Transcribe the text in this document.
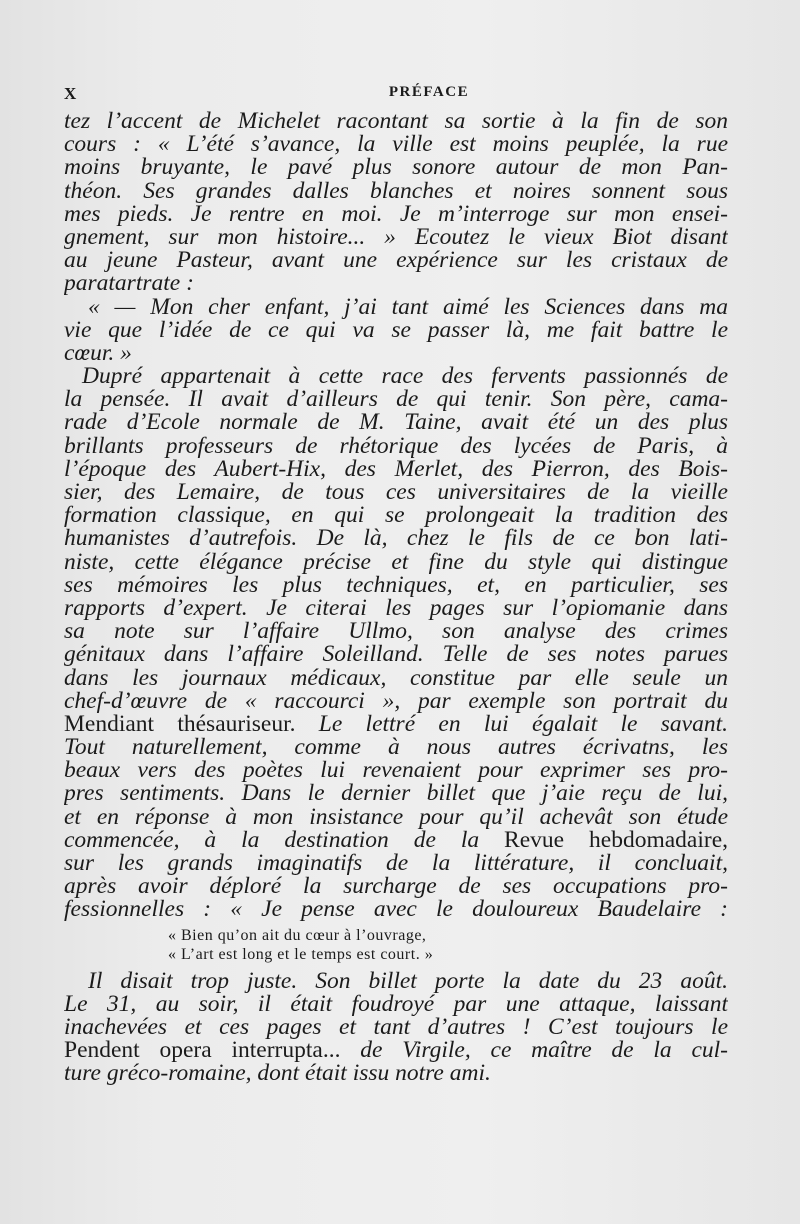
X	PRÉFACE
tez l’accent de Michelet racontant sa sortie à la fin de son
cours : « L’été s’avance, la ville est moins peuplée, la rue
moins bruyante, le pavé plus sonore autour de mon Pan-
théon. Ses grandes dalles blanches et noires sonnent sous
mes pieds. Je rentre en moi. Je m’interroge sur mon ensei-
gnement, sur mon histoire... » Ecoutez le vieux Biot disant
au jeune Pasteur, avant une expérience sur les cristaux de
paratartrate :
« — Mon cher enfant, j’ai tant aimé les Sciences dans ma
vie que l’idée de ce qui va se passer là, me fait battre le
cœur. »
Dupré appartenait à cette race des fervents passionnés de
la pensée. Il avait d’ailleurs de qui tenir. Son père, cama-
rade d’Ecole normale de M. Taine, avait été un des plus
brillants professeurs de rhétorique des lycées de Paris, à
l’époque des Aubert-Hix, des Merlet, des Pierron, des Bois-
sier, des Lemaire, de tous ces universitaires de la vieille
formation classique, en qui se prolongeait la tradition des
humanistes d’autrefois. De là, chez le fils de ce bon lati-
niste, cette élégance précise et fine du style qui distingue
ses mémoires les plus techniques, et, en particulier, ses
rapports d’expert. Je citerai les pages sur l’opiomanie dans
sa note sur l’affaire Ullmo, son analyse des crimes
génitaux dans l’affaire Soleilland. Telle de ses notes parues
dans les journaux médicaux, constitue par elle seule un
chef-d’œuvre de « raccourci », par exemple son portrait du
Mendiant thésauriseur. Le lettré en lui égalait le savant.
Tout naturellement, comme à nous autres écrivatns, les
beaux vers des poètes lui revenaient pour exprimer ses pro-
pres sentiments. Dans le dernier billet que j’aie reçu de lui,
et en réponse à mon insistance pour qu’il achevât son étude
commencée, à la destination de la Revue hebdomadaire,
sur les grands imaginatifs de la littérature, il concluait,
après avoir déploré la surcharge de ses occupations pro-
fessionnelles : « Je pense avec le douloureux Baudelaire :
« Bien qu’on ait du cœur à l’ouvrage,
« L’art est long et le temps est court. »
Il disait trop juste. Son billet porte la date du 23 août.
Le 31, au soir, il était foudroyé par une attaque, laissant
inachevées et ces pages et tant d’autres ! C’est toujours le
Pendent opera interrupta... de Virgile, ce maître de la cul-
ture gréco-romaine, dont était issu notre ami.
